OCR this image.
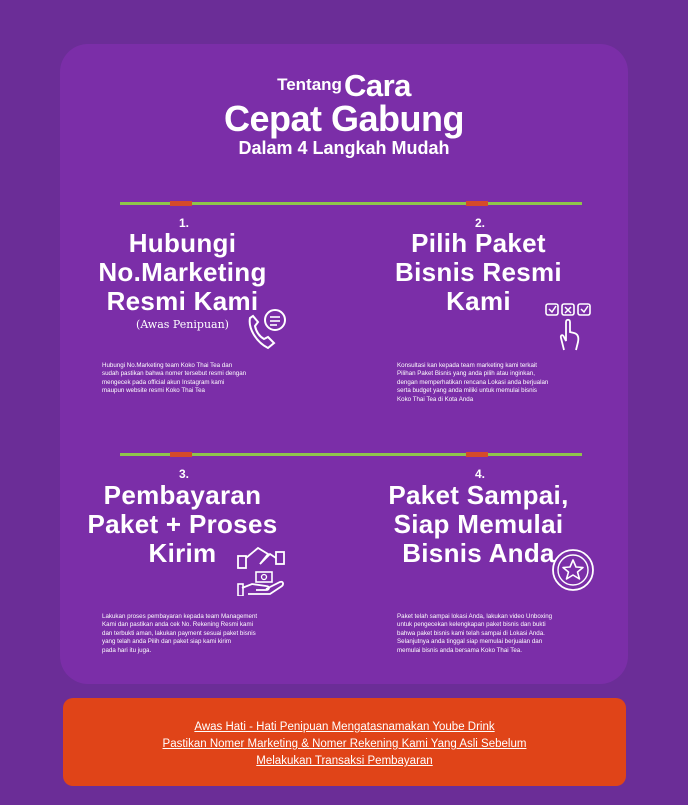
TentangCara
Cepat Gabung
Dalam 4 Langkah Mudah
1.
Hubungi
No.Marketing
Resmi Kami
(Awas Penipuan)
Hubungi No.Marketing team Koko Thai Tea dan
sudah pastikan bahwa nomer tersebut resmi dengan
mengecek pada official akun Instagram kami
maupun website resmi Koko Thai Tea
2.
Pilih Paket
Bisnis Resmi
Kami
Konsultasi kan kepada team marketing kami terkait
Pilihan Paket Bisnis yang anda pilih atau inginkan,
dengan memperhatikan rencana Lokasi anda berjualan
serta budget yang anda miliki untuk memulai bisnis
Koko Thai Tea di Kota Anda
3.
Pembayaran
Paket + Proses
Kirim
Lakukan proses pembayaran kepada team Management
Kami dan pastikan anda cek No. Rekening Resmi kami
dan terbukti aman, lakukan payment sesuai paket bisnis
yang telah anda Pilih dan paket siap kami kirim
pada hari itu juga.
4.
Paket Sampai,
Siap Memulai
Bisnis Anda
Paket telah sampai lokasi Anda, lakukan video Unboxing
untuk pengecekan kelengkapan paket bisnis dan bukti
bahwa paket bisnis kami telah sampai di Lokasi Anda.
Selanjutnya anda tinggal siap memulai berjualan dan
memulai bisnis anda bersama Koko Thai Tea.
Awas Hati - Hati Penipuan Mengatasnamakan Yoube Drink
Pastikan Nomer Marketing & Nomer Rekening Kami Yang Asli Sebelum
Melakukan Transaksi Pembayaran
